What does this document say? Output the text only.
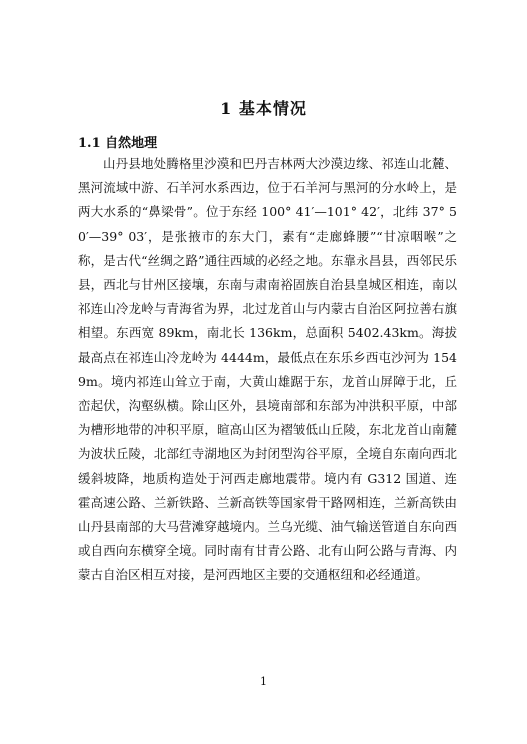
1 基本情况
1.1 自然地理

山丹县地处腾格里沙漠和巴丹吉林两大沙漠边缘、祁连山北麓、黑河流域中游、石羊河水系西边，位于石羊河与黑河的分水岭上，是两大水系的“鼻梁骨”。位于东经 100° 41′—101° 42′，北纬 37° 50′—39° 03′，是张掖市的东大门，素有“走廊蜂腰”“甘凉咽喉”之称，是古代“丝绸之路”通往西域的必经之地。东靠永昌县，西邻民乐县，西北与甘州区接壤，东南与肃南裕固族自治县皇城区相连，南以祁连山冷龙岭与青海省为界，北过龙首山与内蒙古自治区阿拉善右旗相望。东西宽 89km，南北长 136km，总面积 5402.43km。海拔最高点在祁连山冷龙岭为 4444m，最低点在东乐乡西屯沙河为 1549m。境内祁连山耸立于南，大黄山雄踞于东，龙首山屏障于北，丘峦起伏，沟壑纵横。除山区外，县境南部和东部为冲洪积平原，中部为槽形地带的冲积平原，暄高山区为褶皱低山丘陵，东北龙首山南麓为波状丘陵，北部红寺湖地区为封闭型沟谷平原，全境自东南向西北缓斜坡降，地质构造处于河西走廊地震带。境内有 G312 国道、连霍高速公路、兰新铁路、兰新高铁等国家骨干路网相连，兰新高铁由山丹县南部的大马营滩穿越境内。兰乌光缆、油气输送管道自东向西或自西向东横穿全境。同时南有甘青公路、北有山阿公路与青海、内蒙古自治区相互对接，是河西地区主要的交通枢纽和必经通道。

1
